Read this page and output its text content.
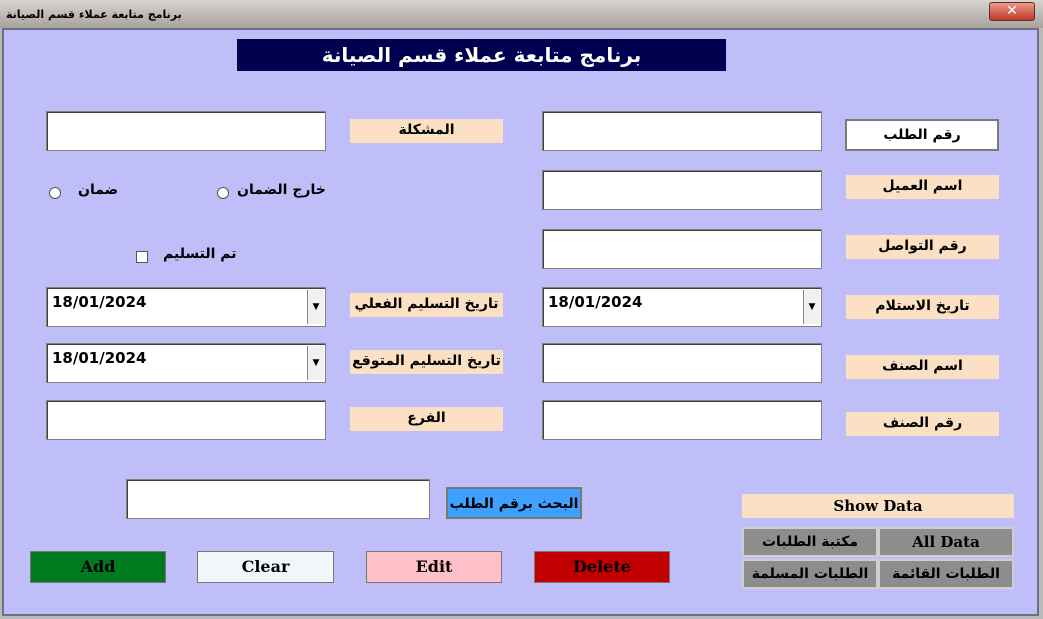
برنامج متابعة عملاء قسم الصيانة	✕
برنامج متابعة عملاء قسم الصيانة
رقم الطلب
اسم العميل
رقم التواصل
تاريخ الاستلام
18/01/2024	▼
اسم الصنف
رقم الصنف
المشكلة
ضمان	خارج الضمان
تم التسليم
تاريخ التسليم الفعلي
18/01/2024	▼
تاريخ التسليم المتوقع
18/01/2024	▼
الفرع
البحث برقم الطلب
Add	Clear	Edit	Delete
Show Data
مكتبة الطلبات	All Data
الطلبات المسلمة	الطلبات القائمة
